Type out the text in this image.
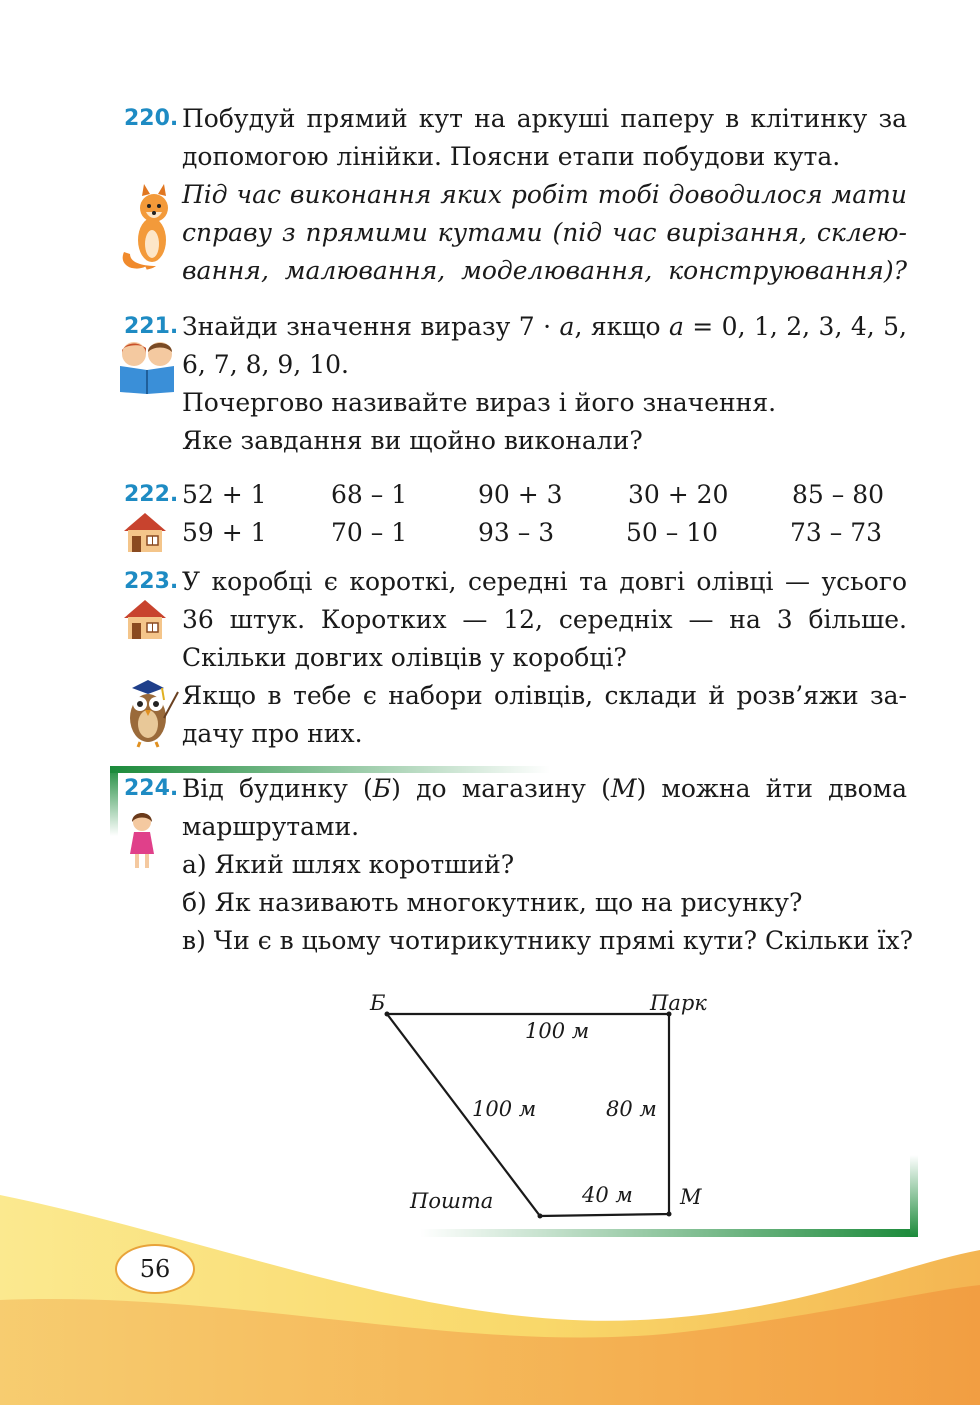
220. Побудуй прямий кут на аркуші паперу в клітинку за
допомогою лінійки. Поясни етапи побудови кута.
Під час виконання яких робіт тобі доводилося мати
справу з прямими кутами (під час вирізання, склею-
вання, малювання, моделювання, конструювання)?
221. Знайди значення виразу 7 · a, якщо a = 0, 1, 2, 3, 4, 5,
6, 7, 8, 9, 10.
Почергово називайте вираз і його значення.
Яке завдання ви щойно виконали?
222. 52 + 1	68 – 1	90 + 3	30 + 20	85 – 80
59 + 1	70 – 1	93 – 3	50 – 10	73 – 73
223. У коробці є короткі, середні та довгі олівці — усього
36 штук. Коротких — 12, середніх — на 3 більше.
Скільки довгих олівців у коробці?
Якщо в тебе є набори олівців, склади й розв’яжи за-
дачу про них.
224. Від будинку (Б) до магазину (М) можна йти двома
маршрутами.
а) Який шлях коротший?
б) Як називають многокутник, що на рисунку?
в) Чи є в цьому чотирикутнику прямі кути? Скільки їх?
Б	Парк
Пошта	М
100 м
100 м	80 м
40 м
56
